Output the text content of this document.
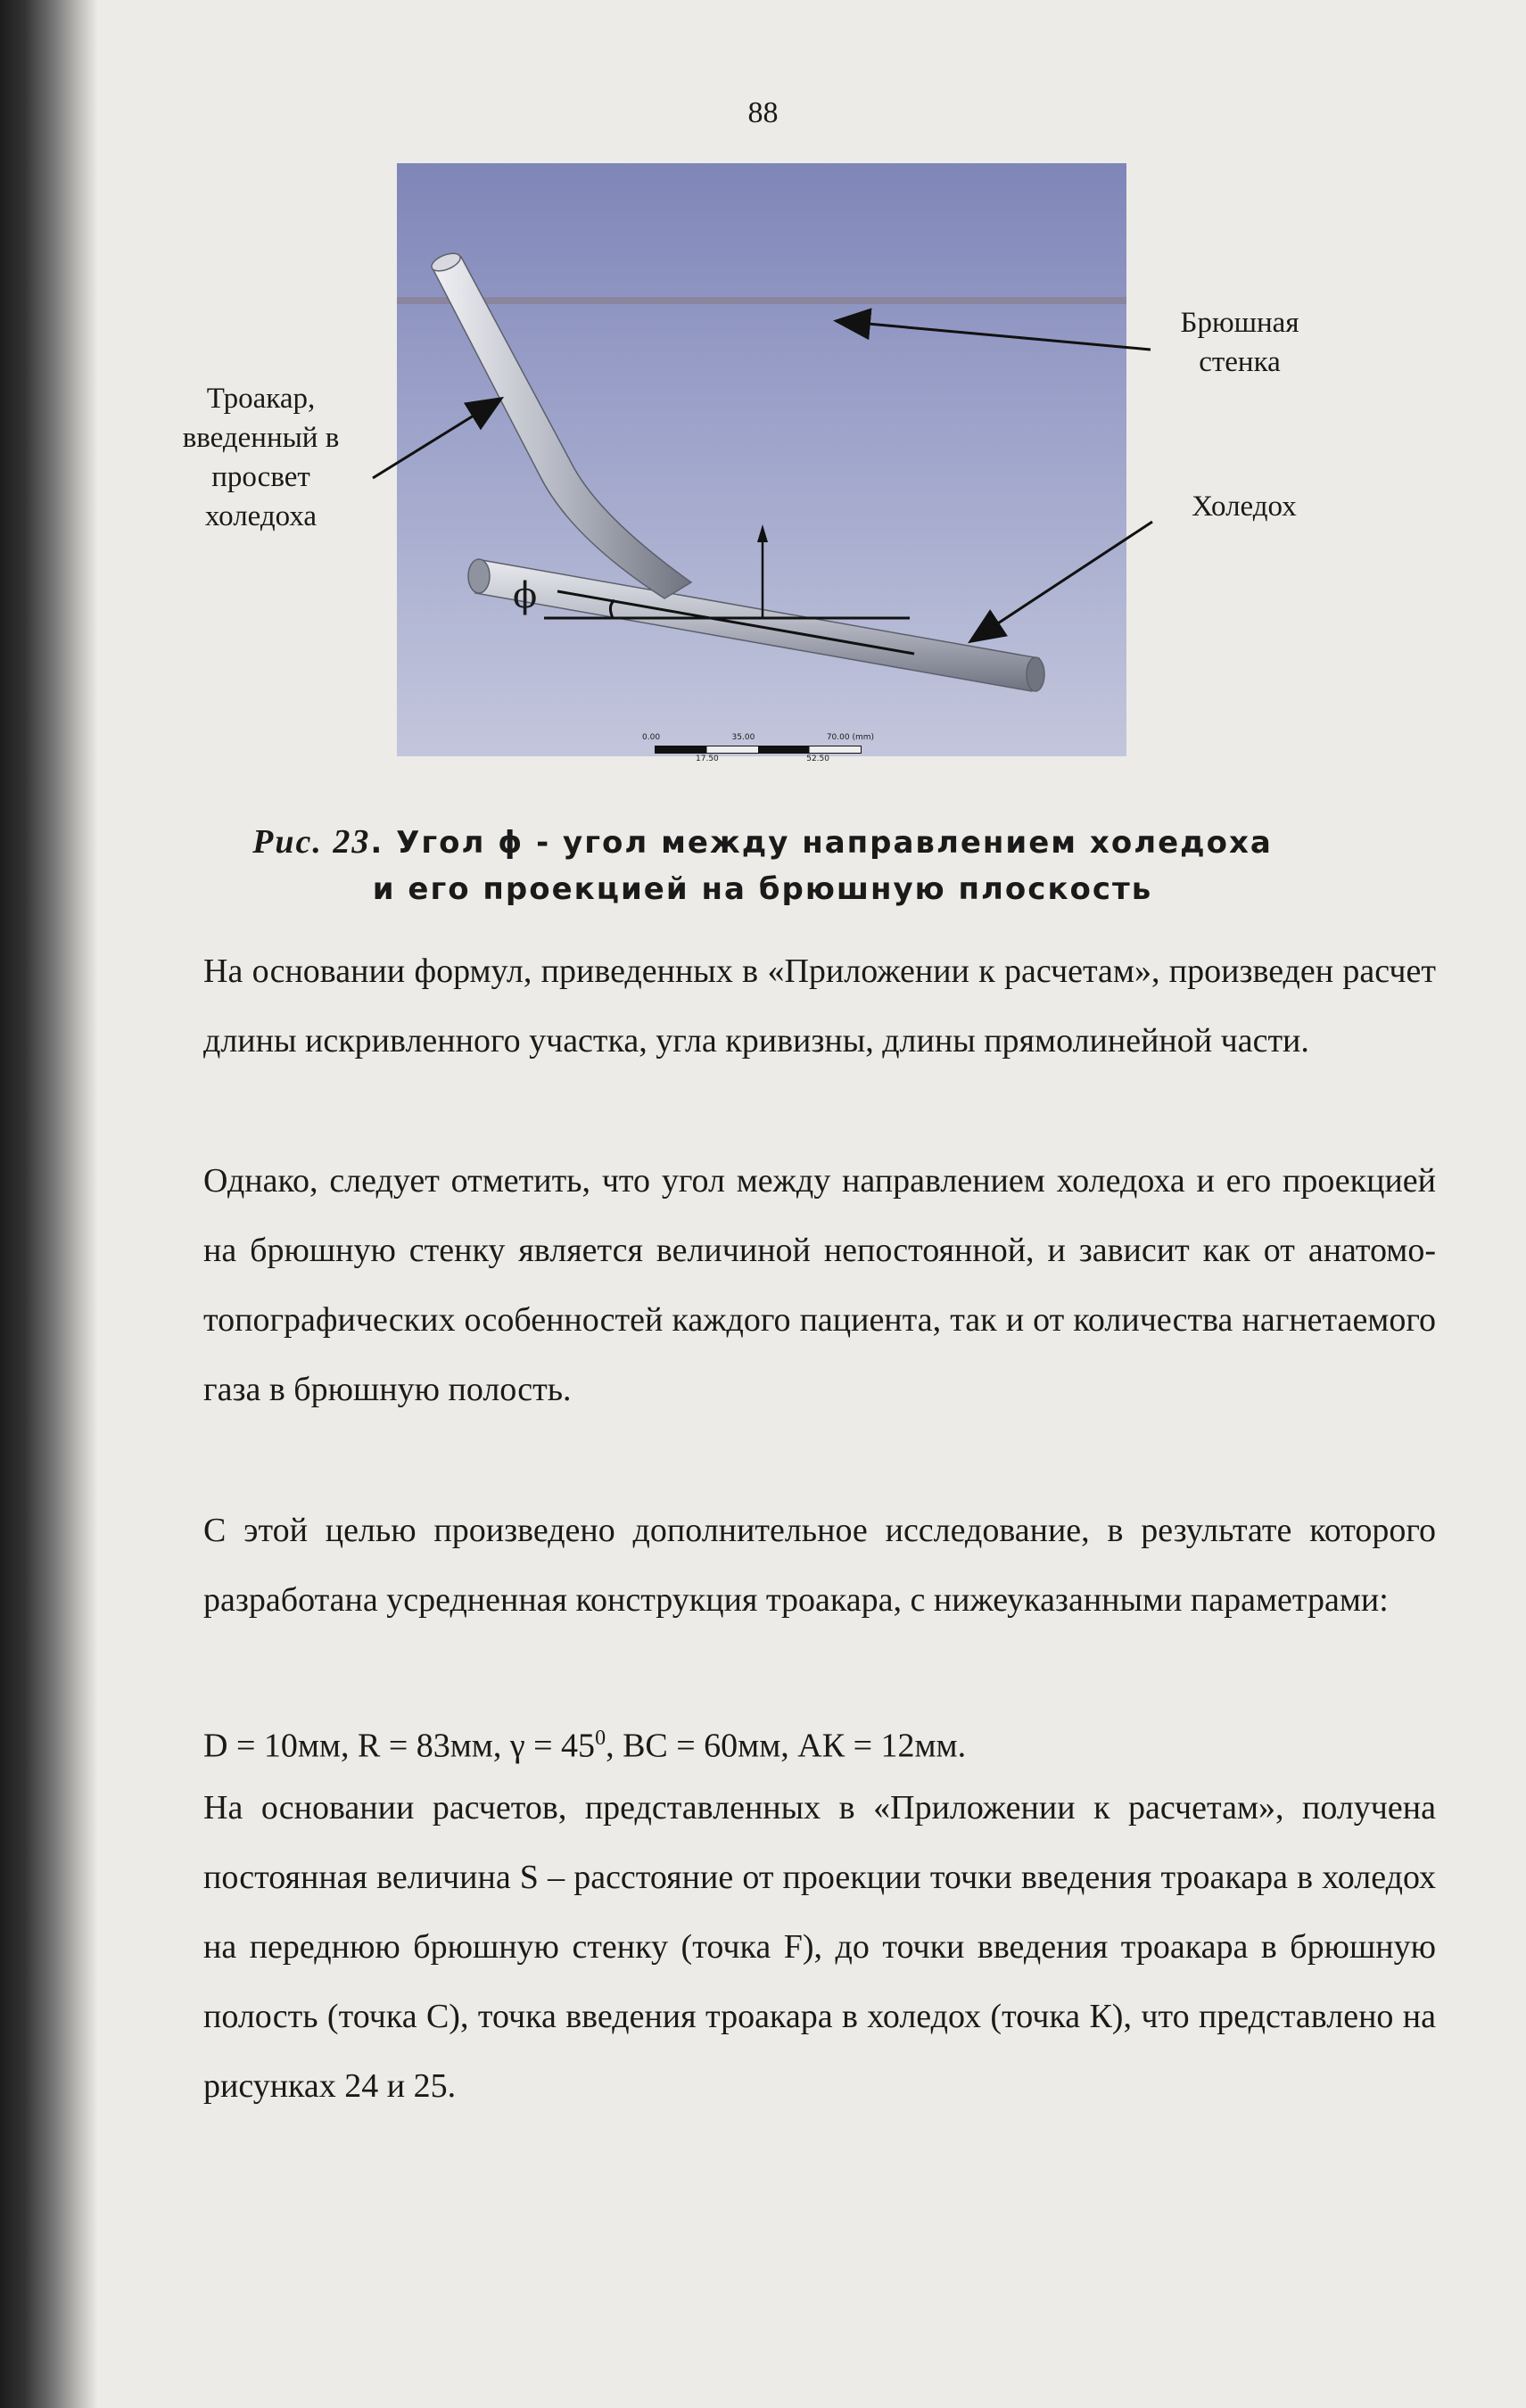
88
ϕ
Троакар, введенный в просвет холедоха
Брюшная стенка
Холедох
0.00	35.00	70.00 (mm)
17.50	52.50
Рис. 23. Угол ϕ - угол между направлением холедоха
и его проекцией на брюшную плоскость

На основании формул, приведенных в «Приложении к расчетам», произведен расчет длины искривленного участка, угла кривизны, длины прямолинейной части.

Однако, следует отметить, что угол между направлением холедоха и его проекцией на брюшную стенку является величиной непостоянной, и зависит как от анатомо-топографических особенностей каждого пациента, так и от количества нагнетаемого газа в брюшную полость.

С этой целью произведено дополнительное исследование, в результате которого разработана усредненная конструкция троакара, с нижеуказанными параметрами:

D = 10мм, R = 83мм, $\gamma = 45^0$, ВС = 60мм, АК = 12мм.

На основании расчетов, представленных в «Приложении к расчетам», получена постоянная величина S – расстояние от проекции точки введения троакара в холедох на переднюю брюшную стенку (точка F), до точки введения троакара в брюшную полость (точка С), точка введения троакара в холедох (точка К), что представлено на рисунках 24 и 25.
